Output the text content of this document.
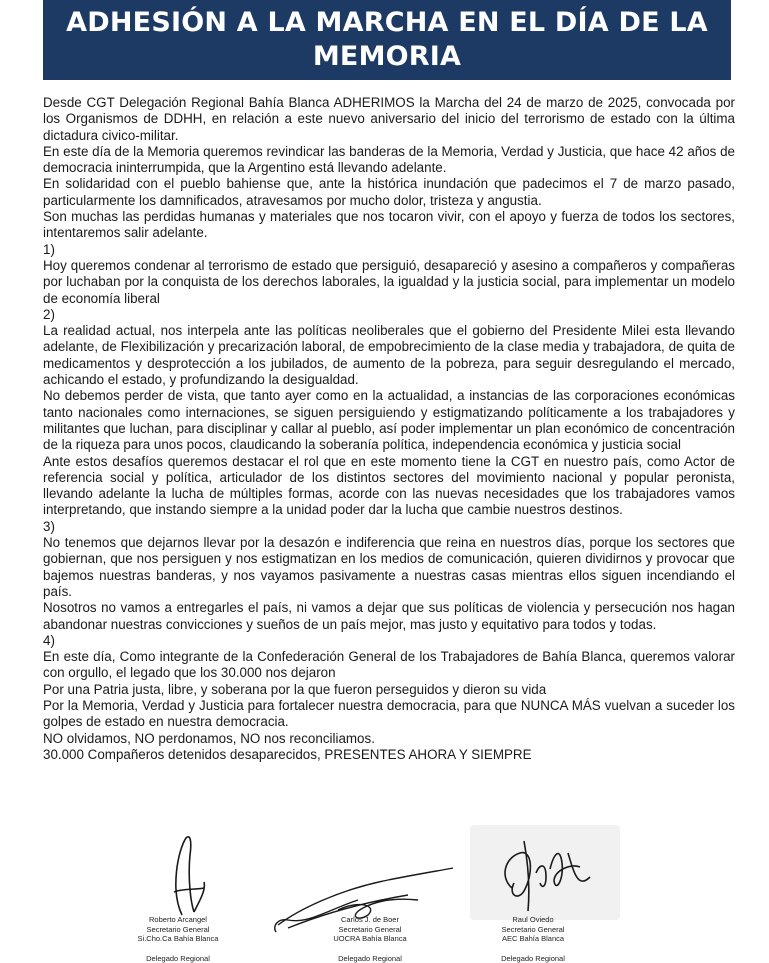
ADHESIÓN A LA MARCHA EN EL DÍA DE LA
MEMORIA

Desde CGT Delegación Regional Bahía Blanca ADHERIMOS la Marcha del 24 de marzo de 2025, convocada por los Organismos de DDHH, en relación a este nuevo aniversario del inicio del terrorismo de estado con la última dictadura civico-militar.

En este día de la Memoria queremos revindicar las banderas de la Memoria, Verdad y Justicia, que hace 42 años de democracia ininterrumpida, que la Argentino está llevando adelante.

En solidaridad con el pueblo bahiense que, ante la histórica inundación que padecimos el 7 de marzo pasado, particularmente los damnificados, atravesamos por mucho dolor, tristeza y angustia.

Son muchas las perdidas humanas y materiales que nos tocaron vivir, con el apoyo y fuerza de todos los sectores, intentaremos salir adelante.

1)

Hoy queremos condenar al terrorismo de estado que persiguió, desapareció y asesino a compañeros y compañeras por luchaban por la conquista de los derechos laborales, la igualdad y la justicia social, para implementar un modelo de economía liberal

2)

La realidad actual, nos interpela ante las políticas neoliberales que el gobierno del Presidente Milei esta llevando adelante, de Flexibilización y precarización laboral, de empobrecimiento de la clase media y trabajadora, de quita de medicamentos y desprotección a los jubilados, de aumento de la pobreza, para seguir desregulando el mercado, achicando el estado, y profundizando la desigualdad.

No debemos perder de vista, que tanto ayer como en la actualidad, a instancias de las corporaciones económicas tanto nacionales como internaciones, se siguen persiguiendo y estigmatizando políticamente a los trabajadores y militantes que luchan, para disciplinar y callar al pueblo, así poder implementar un plan económico de concentración de la riqueza para unos pocos, claudicando la soberanía política, independencia económica y justicia social

Ante estos desafíos queremos destacar el rol que en este momento tiene la CGT en nuestro país, como Actor de referencia social y política, articulador de los distintos sectores del movimiento nacional y popular peronista, llevando adelante la lucha de múltiples formas, acorde con las nuevas necesidades que los trabajadores vamos interpretando, que instando siempre a la unidad poder dar la lucha que cambie nuestros destinos.

3)

No tenemos que dejarnos llevar por la desazón e indiferencia que reina en nuestros días, porque los sectores que gobiernan, que nos persiguen y nos estigmatizan en los medios de comunicación, quieren dividirnos y provocar que bajemos nuestras banderas, y nos vayamos pasivamente a nuestras casas mientras ellos siguen incendiando el país.

Nosotros no vamos a entregarles el país, ni vamos a dejar que sus políticas de violencia y persecución nos hagan abandonar nuestras convicciones y sueños de un país mejor, mas justo y equitativo para todos y todas.

4)

En este día, Como integrante de la Confederación General de los Trabajadores de Bahía Blanca, queremos valorar con orgullo, el legado que los 30.000 nos dejaron

Por una Patria justa, libre, y soberana por la que fueron perseguidos y dieron su vida

Por la Memoria, Verdad y Justicia para fortalecer nuestra democracia, para que NUNCA MÁS vuelvan a suceder los golpes de estado en nuestra democracia.

NO olvidamos, NO perdonamos, NO nos reconciliamos.

30.000 Compañeros detenidos desaparecidos, PRESENTES AHORA Y SIEMPRE

Roberto Arcangel
Secretario General
Si.Cho.Ca Bahía Blanca
Delegado Regional
Carlos J. de Boer
Secretario General
UOCRA Bahía Blanca
Delegado Regional
Raul Oviedo
Secretario General
AEC Bahía Blanca
Delegado Regional
